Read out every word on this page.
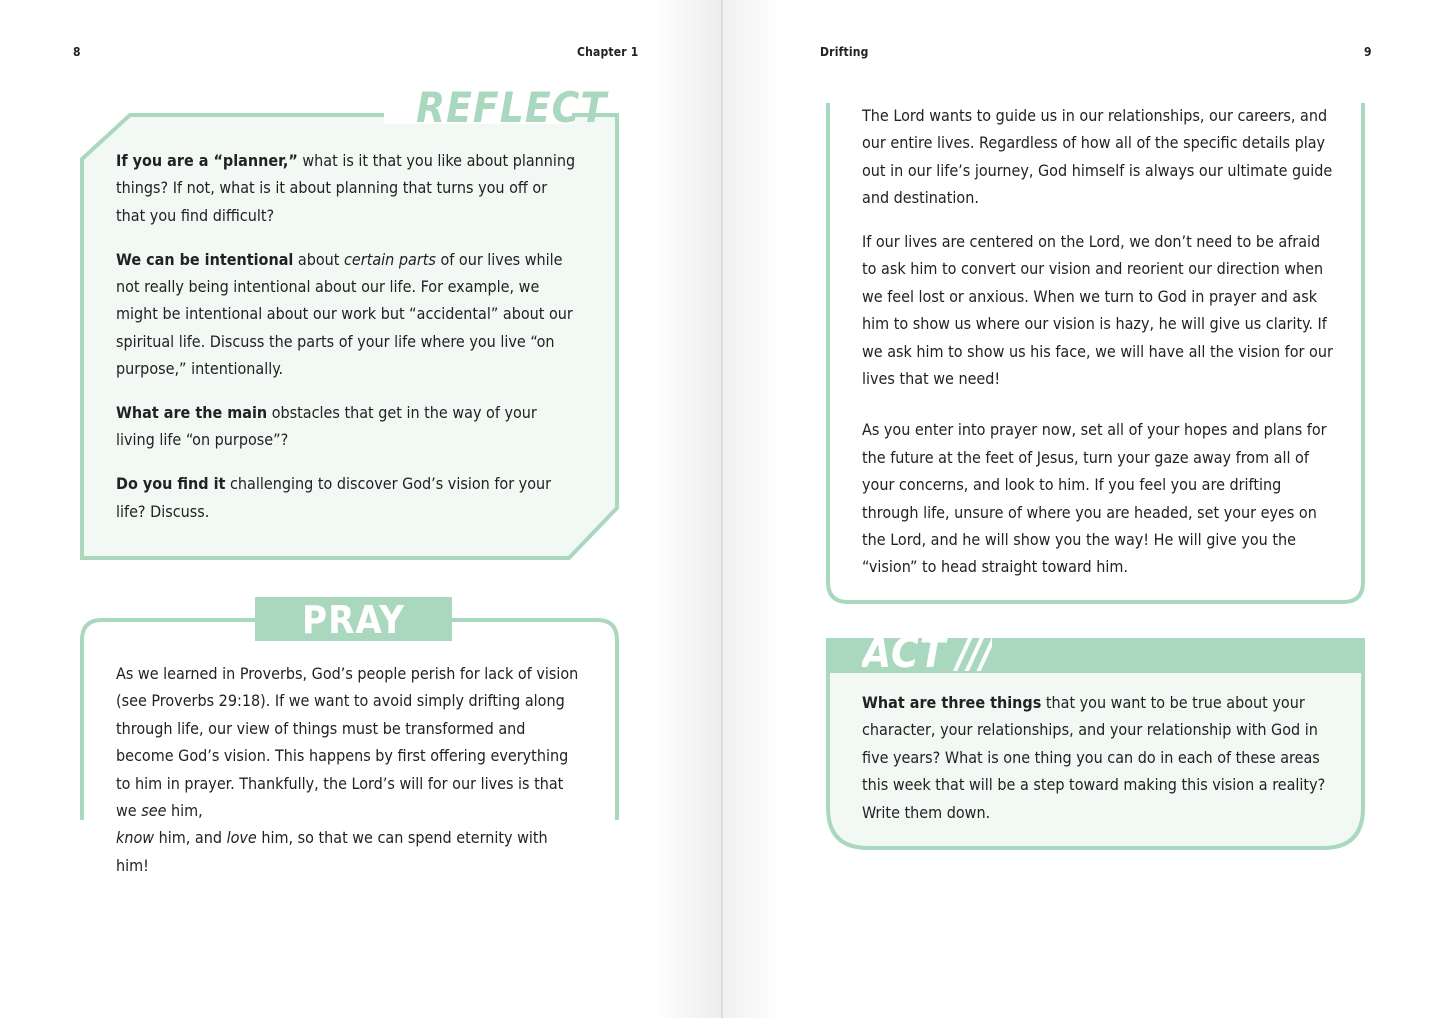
8	Chapter 1	Drifting	9
REFLECT

If you are a “planner,” what is it that you like about planning things? If not, what is it about planning that turns you off or that you find difficult?

We can be intentional about certain parts of our lives while not really being intentional about our life. For example, we might be intentional about our work but “accidental” about our spiritual life. Discuss the parts of your life where you live “on purpose,” intentionally.

What are the main obstacles that get in the way of your living life “on purpose”?

Do you find it challenging to discover God’s vision for your life? Discuss.

PRAY

As we learned in Proverbs, God’s people perish for lack of vision (see Proverbs 29:18). If we want to avoid simply drifting along through life, our view of things must be transformed and become God’s vision. This happens by first offering everything to him in prayer. Thankfully, the Lord’s will for our lives is that we see him,
know him, and love him, so that we can spend eternity with him!

The Lord wants to guide us in our relationships, our careers, and our entire lives. Regardless of how all of the specific details play out in our life’s journey, God himself is always our ultimate guide and destination.

If our lives are centered on the Lord, we don’t need to be afraid to ask him to convert our vision and reorient our direction when we feel lost or anxious. When we turn to God in prayer and ask him to show us where our vision is hazy, he will give us clarity. If we ask him to show us his face, we will have all the vision for our lives that we need!

As you enter into prayer now, set all of your hopes and plans for the future at the feet of Jesus, turn your gaze away from all of your concerns, and look to him. If you feel you are drifting through life, unsure of where you are headed, set your eyes on the Lord, and he will show you the way! He will give you the “vision” to head straight toward him.

ACT ///

What are three things that you want to be true about your character, your relationships, and your relationship with God in five years? What is one thing you can do in each of these areas this week that will be a step toward making this vision a reality? Write them down.
